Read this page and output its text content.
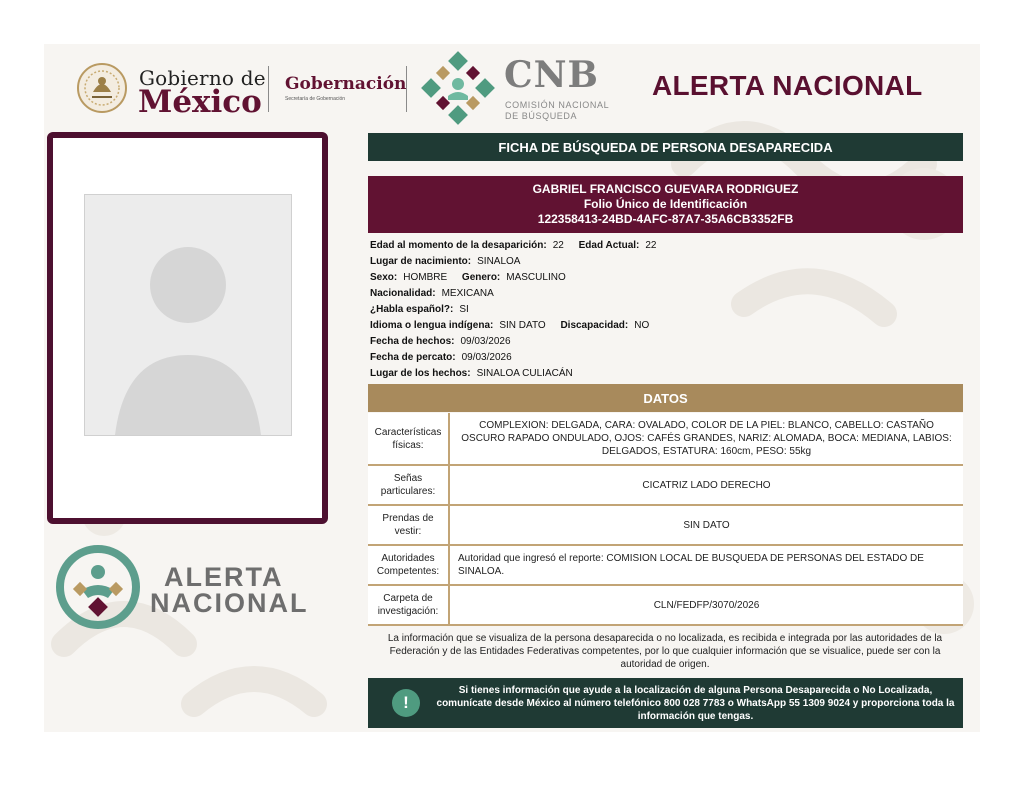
Gobierno de
México Gobernación
Secretaría de Gobernación
CNB
COMISIÓN NACIONAL
DE BÚSQUEDA
ALERTA NACIONAL
ALERTA
NACIONAL
FICHA DE BÚSQUEDA DE PERSONA DESAPARECIDA
GABRIEL FRANCISCO GUEVARA RODRIGUEZ
Folio Único de Identificación
122358413-24BD-4AFC-87A7-35A6CB3352FB
Edad al momento de la desaparición: 22 Edad Actual: 22
Lugar de nacimiento: SINALOA
Sexo: HOMBRE Genero: MASCULINO
Nacionalidad: MEXICANA
¿Habla español?: SI
Idioma o lengua indígena: SIN DATO Discapacidad: NO
Fecha de hechos: 09/03/2026
Fecha de percato: 09/03/2026
Lugar de los hechos: SINALOA CULIACÁN
DATOS
Características físicas:
COMPLEXION: DELGADA, CARA: OVALADO, COLOR DE LA PIEL: BLANCO, CABELLO: CASTAÑO OSCURO RAPADO ONDULADO, OJOS: CAFÉS GRANDES, NARIZ: ALOMADA, BOCA: MEDIANA, LABIOS: DELGADOS, ESTATURA: 160cm, PESO: 55kg
Señas particulares:
CICATRIZ LADO DERECHO
Prendas de vestir:
SIN DATO
Autoridades Competentes:
Autoridad que ingresó el reporte: COMISION LOCAL DE BUSQUEDA DE PERSONAS DEL ESTADO DE SINALOA.
Carpeta de investigación:
CLN/FEDFP/3070/2026
La información que se visualiza de la persona desaparecida o no localizada, es recibida e integrada por las autoridades de la Federación y de las Entidades Federativas competentes, por lo que cualquier información que se visualice, puede ser con la autoridad de origen.
!
Si tienes información que ayude a la localización de alguna Persona Desaparecida o No Localizada, comunícate desde México al número telefónico 800 028 7783 o WhatsApp 55 1309 9024 y proporciona toda la información que tengas.
